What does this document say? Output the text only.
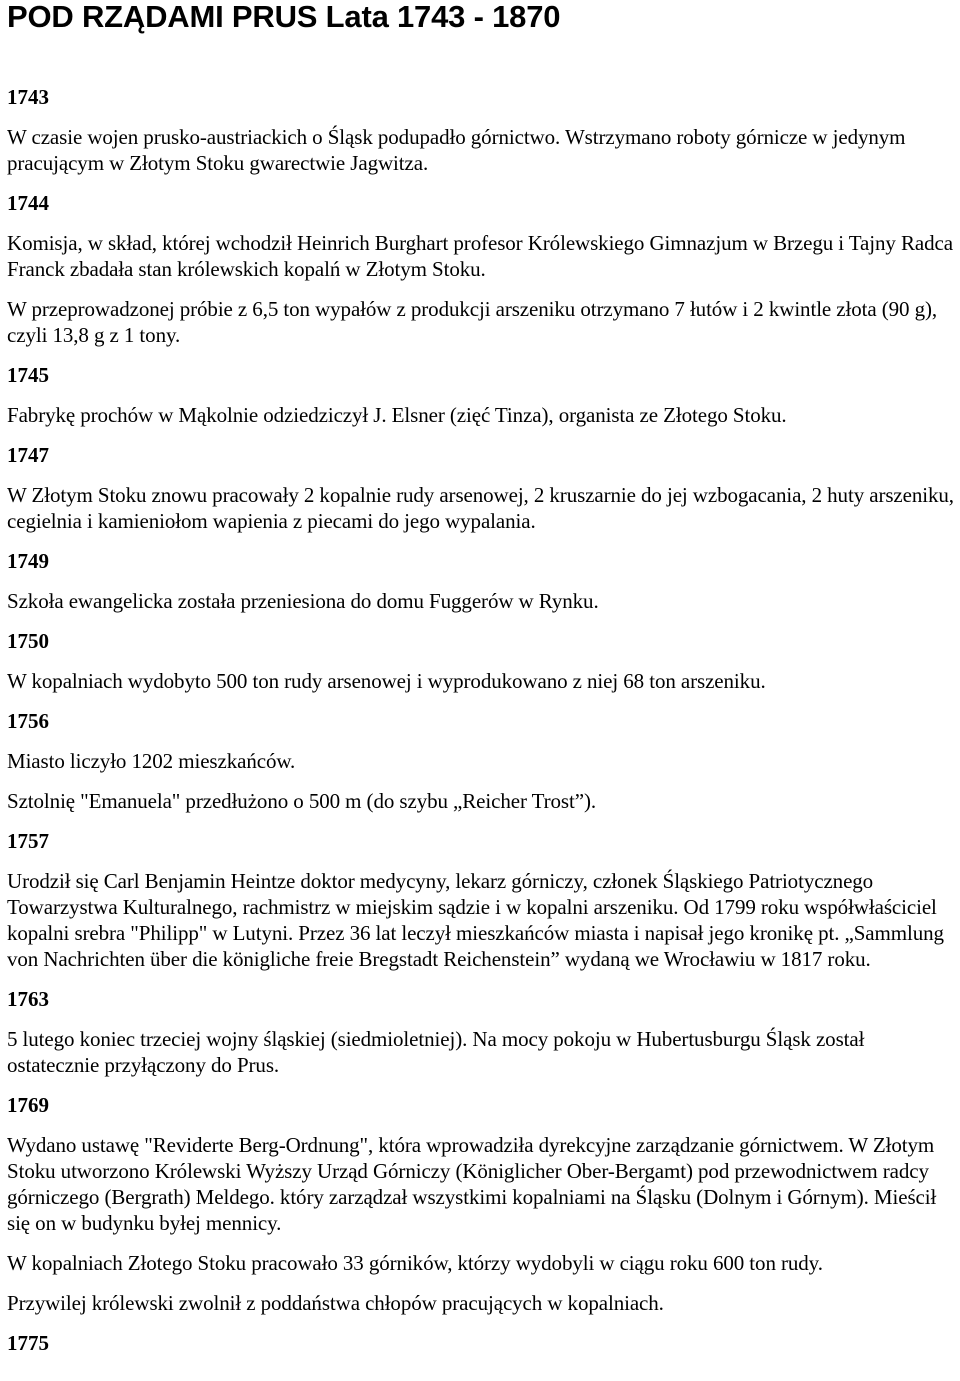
POD RZĄDAMI PRUS Lata 1743 - 1870
1743
W czasie wojen prusko-austriackich o Śląsk podupadło górnictwo. Wstrzymano roboty górnicze w jedynym pracującym w Złotym Stoku gwarectwie Jagwitza.
1744
Komisja, w skład, której wchodził Heinrich Burghart profesor Królewskiego Gimnazjum w Brzegu i Tajny Radca Franck zbadała stan królewskich kopalń w Złotym Stoku.
W przeprowadzonej próbie z 6,5 ton wypałów z produkcji arszeniku otrzymano 7 łutów i 2 kwintle złota (90 g), czyli 13,8 g z 1 tony.
1745
Fabrykę prochów w Mąkolnie odziedziczył J. Elsner (zięć Tinza), organista ze Złotego Stoku.
1747
W Złotym Stoku znowu pracowały 2 kopalnie rudy arsenowej, 2 kruszarnie do jej wzbogacania, 2 huty arszeniku, cegielnia i kamieniołom wapienia z piecami do jego wypalania.
1749
Szkoła ewangelicka została przeniesiona do domu Fuggerów w Rynku.
1750
W kopalniach wydobyto 500 ton rudy arsenowej i wyprodukowano z niej 68 ton arszeniku.
1756
Miasto liczyło 1202 mieszkańców.
Sztolnię "Emanuela" przedłużono o 500 m (do szybu „Reicher Trost”).
1757
Urodził się Carl Benjamin Heintze doktor medycyny, lekarz górniczy, członek Śląskiego Patriotycznego Towarzystwa Kulturalnego, rachmistrz w miejskim sądzie i w kopalni arszeniku. Od 1799 roku współwłaściciel kopalni srebra "Philipp" w Lutyni. Przez 36 lat leczył mieszkańców miasta i napisał jego kronikę pt. „Sammlung von Nachrichten über die königliche freie Bregstadt Reichenstein” wydaną we Wrocławiu w 1817 roku.
1763
5 lutego koniec trzeciej wojny śląskiej (siedmioletniej). Na mocy pokoju w Hubertusburgu Śląsk został ostatecznie przyłączony do Prus.
1769
Wydano ustawę "Reviderte Berg-Ordnung", która wprowadziła dyrekcyjne zarządzanie górnictwem. W Złotym Stoku utworzono Królewski Wyższy Urząd Górniczy (Königlicher Ober-Bergamt) pod przewodnictwem radcy górniczego (Bergrath) Meldego. który zarządzał wszystkimi kopalniami na Śląsku (Dolnym i Górnym). Mieścił się on w budynku byłej mennicy.
W kopalniach Złotego Stoku pracowało 33 górników, którzy wydobyli w ciągu roku 600 ton rudy.
Przywilej królewski zwolnił z poddaństwa chłopów pracujących w kopalniach.
1775
